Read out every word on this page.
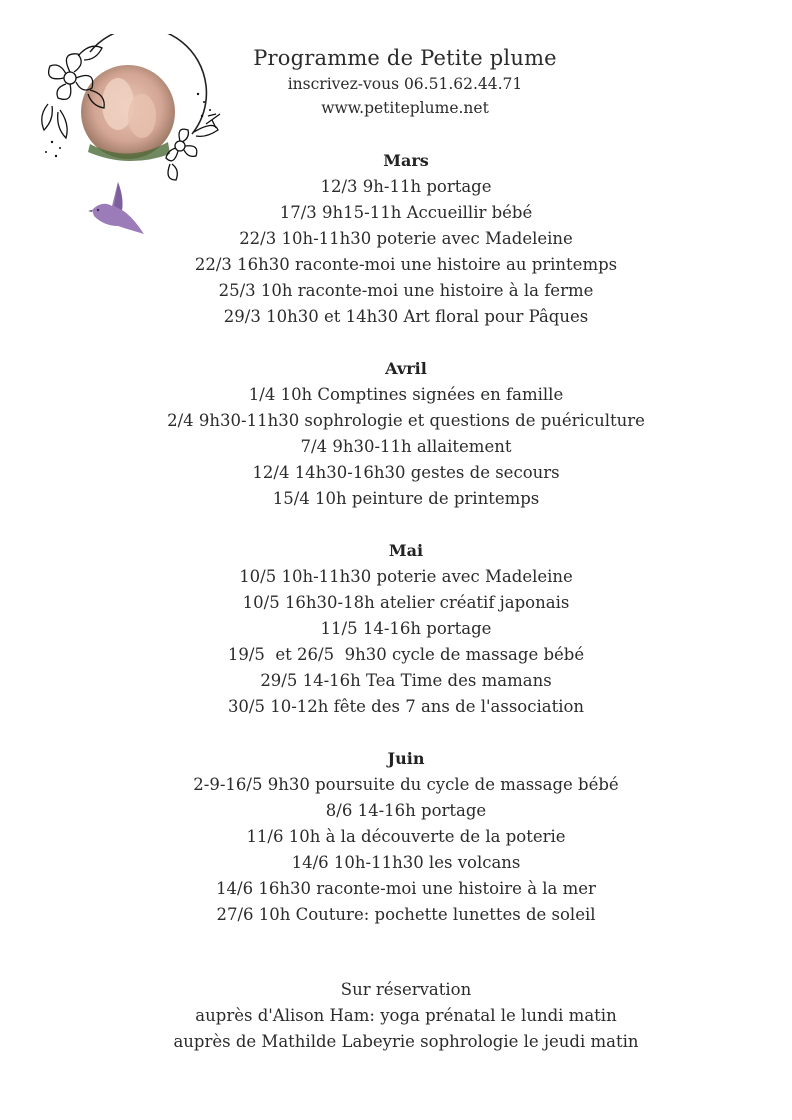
Programme de Petite plume
inscrivez-vous 06.51.62.44.71
www.petiteplume.net
Mars
12/3 9h-11h portage
17/3 9h15-11h Accueillir bébé
22/3 10h-11h30 poterie avec Madeleine
22/3 16h30 raconte-moi une histoire au printemps
25/3 10h raconte-moi une histoire à la ferme
29/3 10h30 et 14h30 Art floral pour Pâques
Avril
1/4 10h Comptines signées en famille
2/4 9h30-11h30 sophrologie et questions de puériculture
7/4 9h30-11h allaitement
12/4 14h30-16h30 gestes de secours
15/4 10h peinture de printemps
Mai
10/5 10h-11h30 poterie avec Madeleine
10/5 16h30-18h atelier créatif japonais
11/5 14-16h portage
19/5  et 26/5  9h30 cycle de massage bébé
29/5 14-16h Tea Time des mamans
30/5 10-12h fête des 7 ans de l'association
Juin
2-9-16/5 9h30 poursuite du cycle de massage bébé
8/6 14-16h portage
11/6 10h à la découverte de la poterie
14/6 10h-11h30 les volcans
14/6 16h30 raconte-moi une histoire à la mer
27/6 10h Couture: pochette lunettes de soleil
Sur réservation
auprès d'Alison Ham: yoga prénatal le lundi matin
auprès de Mathilde Labeyrie sophrologie le jeudi matin
